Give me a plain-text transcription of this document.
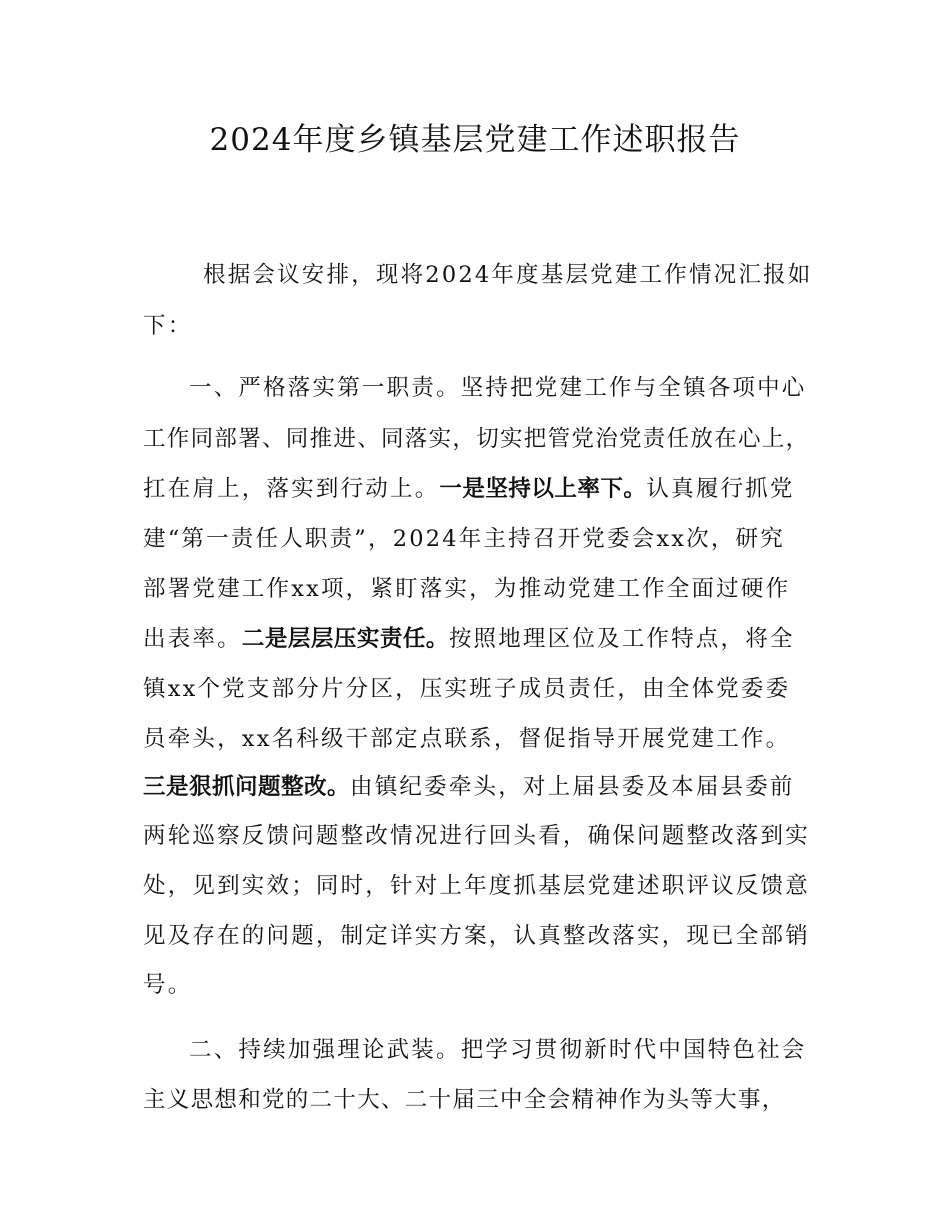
2024年度乡镇基层党建工作述职报告
根据会议安排，现将2024年度基层党建工作情况汇报如
下：
一、严格落实第一职责。坚持把党建工作与全镇各项中心
工作同部署、同推进、同落实，切实把管党治党责任放在心上，
扛在肩上，落实到行动上。一是坚持以上率下。认真履行抓党
建“第一责任人职责”，2024年主持召开党委会xx次，研究
部署党建工作xx项，紧盯落实，为推动党建工作全面过硬作
出表率。二是层层压实责任。按照地理区位及工作特点，将全
镇xx个党支部分片分区，压实班子成员责任，由全体党委委
员牵头，xx名科级干部定点联系，督促指导开展党建工作。
三是狠抓问题整改。由镇纪委牵头，对上届县委及本届县委前
两轮巡察反馈问题整改情况进行回头看，确保问题整改落到实
处，见到实效；同时，针对上年度抓基层党建述职评议反馈意
见及存在的问题，制定详实方案，认真整改落实，现已全部销
号。
二、持续加强理论武装。把学习贯彻新时代中国特色社会
主义思想和党的二十大、二十届三中全会精神作为头等大事，
